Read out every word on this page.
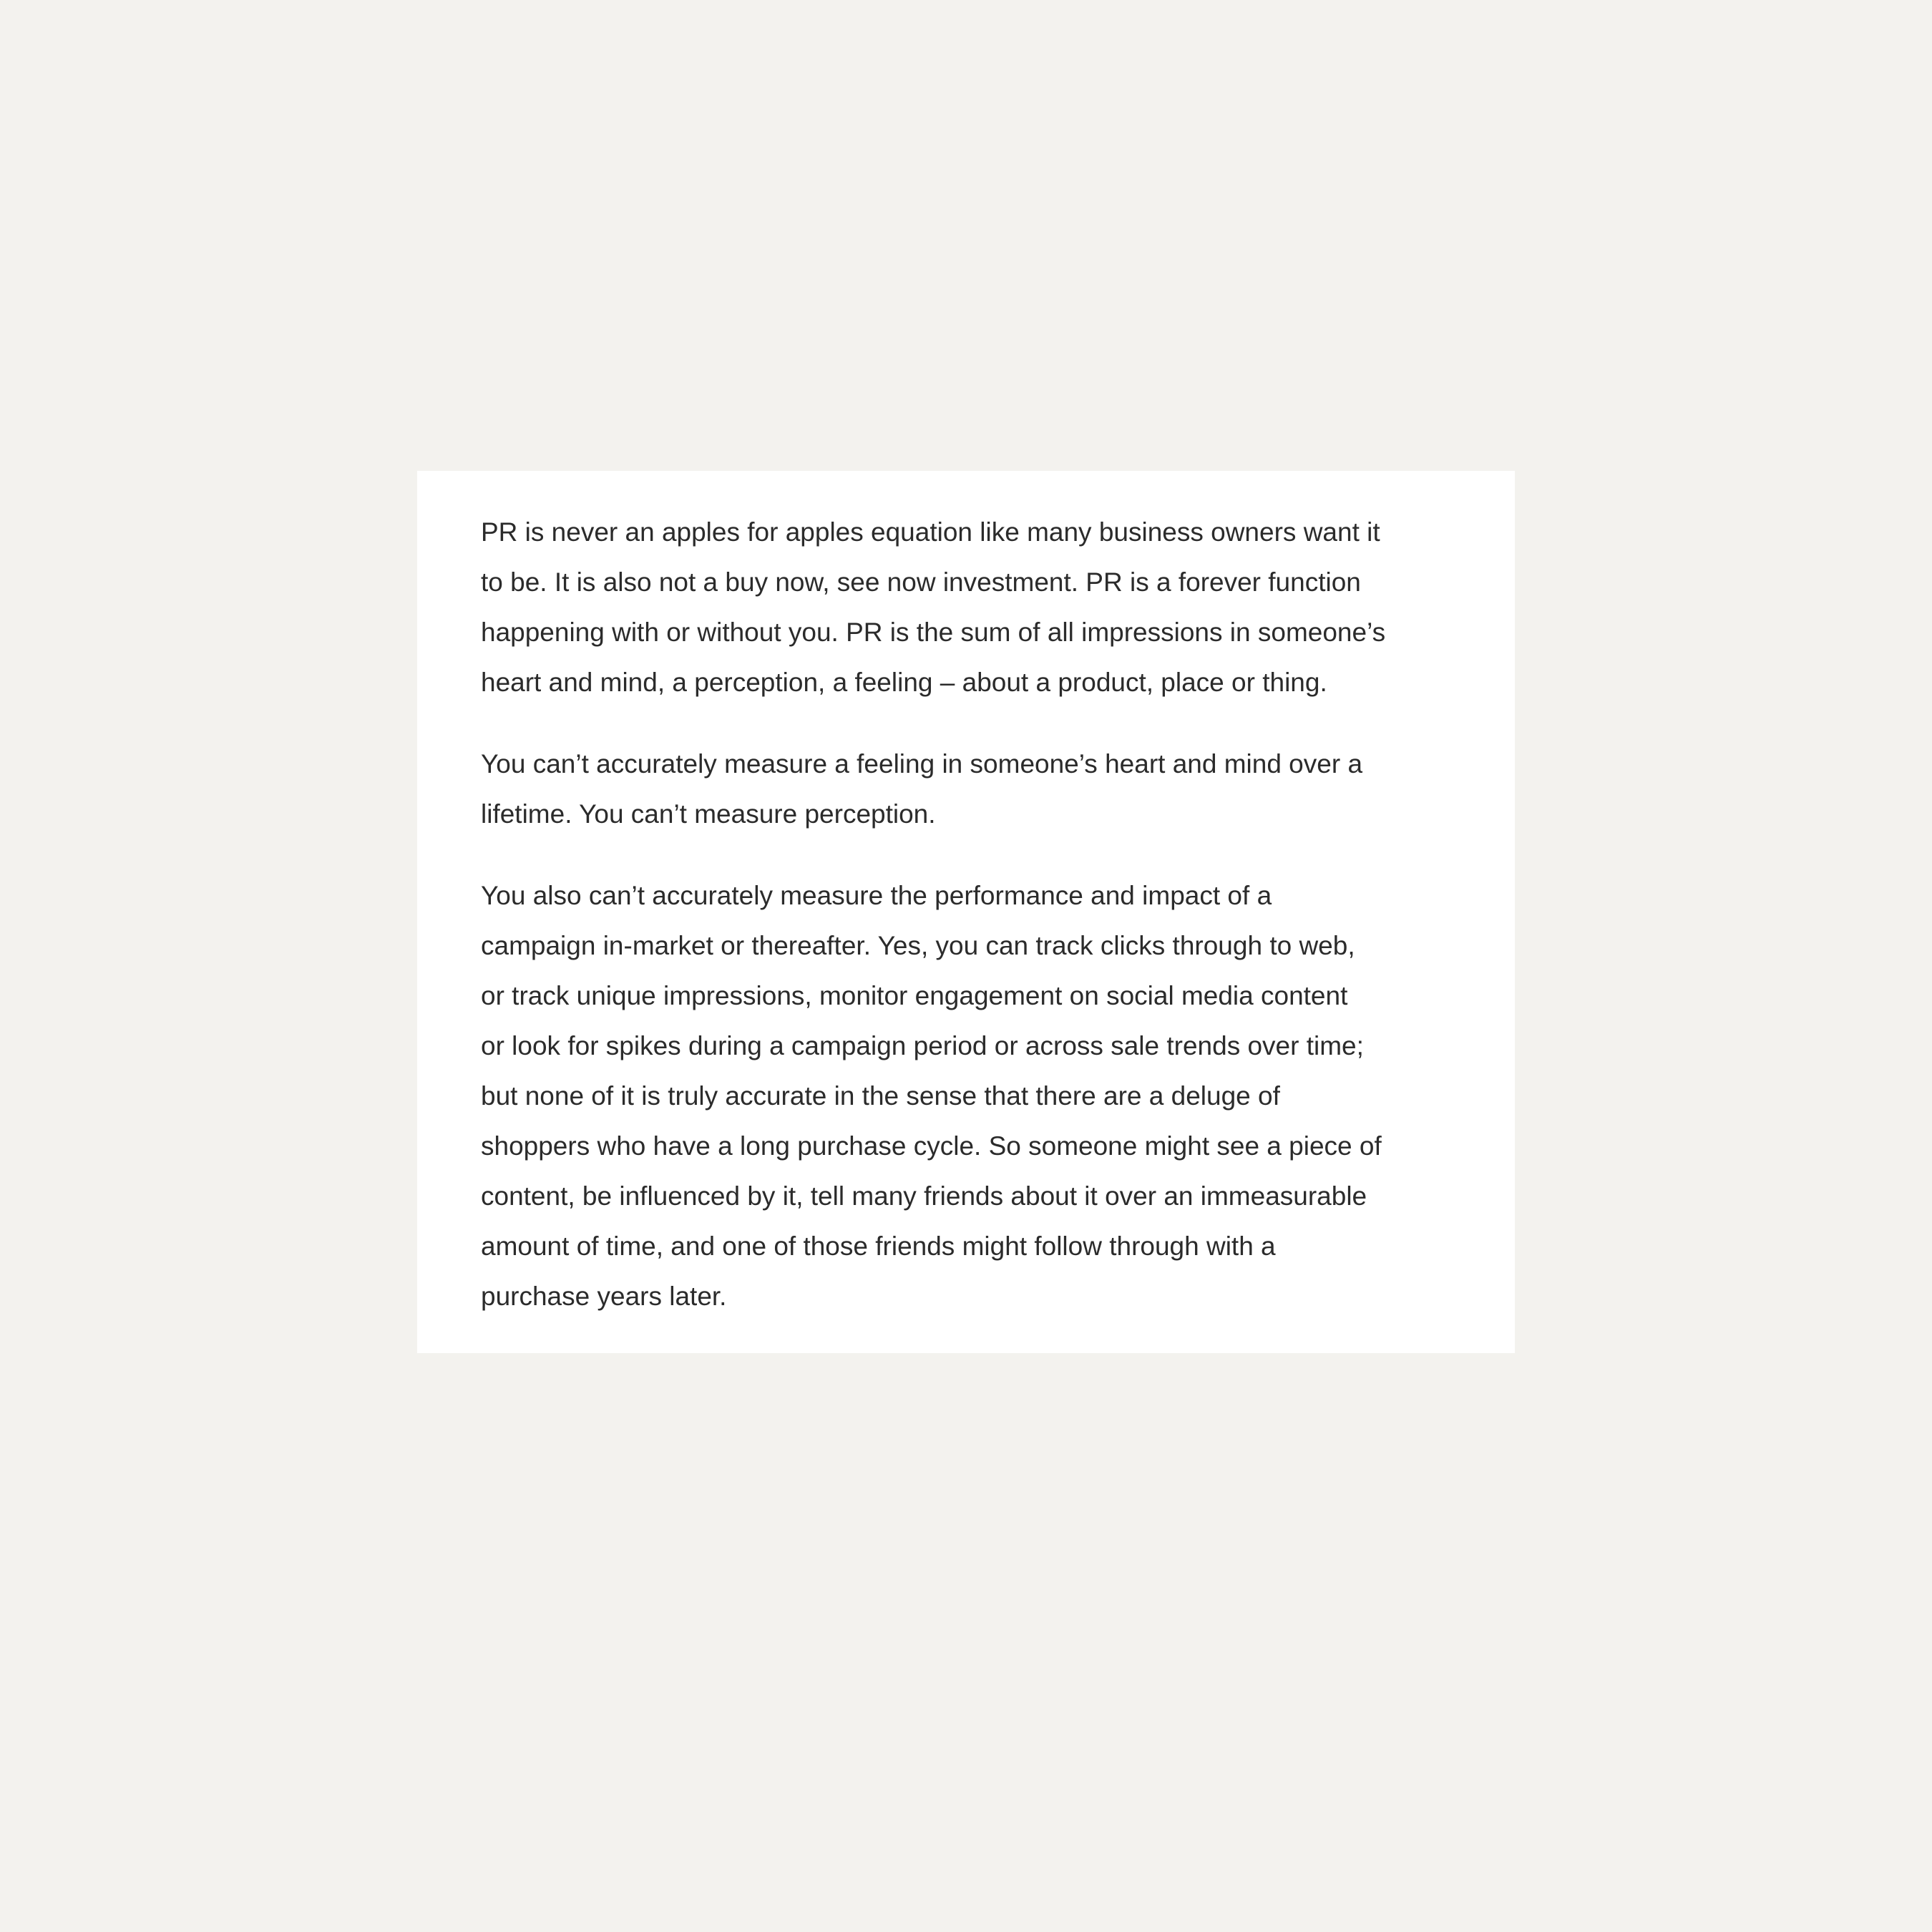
PR is never an apples for apples equation like many business owners want it
to be. It is also not a buy now, see now investment. PR is a forever function
happening with or without you. PR is the sum of all impressions in someone’s
heart and mind, a perception, a feeling – about a product, place or thing.

You can’t accurately measure a feeling in someone’s heart and mind over a
lifetime. You can’t measure perception.

You also can’t accurately measure the performance and impact of a
campaign in-market or thereafter. Yes, you can track clicks through to web,
or track unique impressions, monitor engagement on social media content
or look for spikes during a campaign period or across sale trends over time;
but none of it is truly accurate in the sense that there are a deluge of
shoppers who have a long purchase cycle. So someone might see a piece of
content, be influenced by it, tell many friends about it over an immeasurable
amount of time, and one of those friends might follow through with a
purchase years later.
